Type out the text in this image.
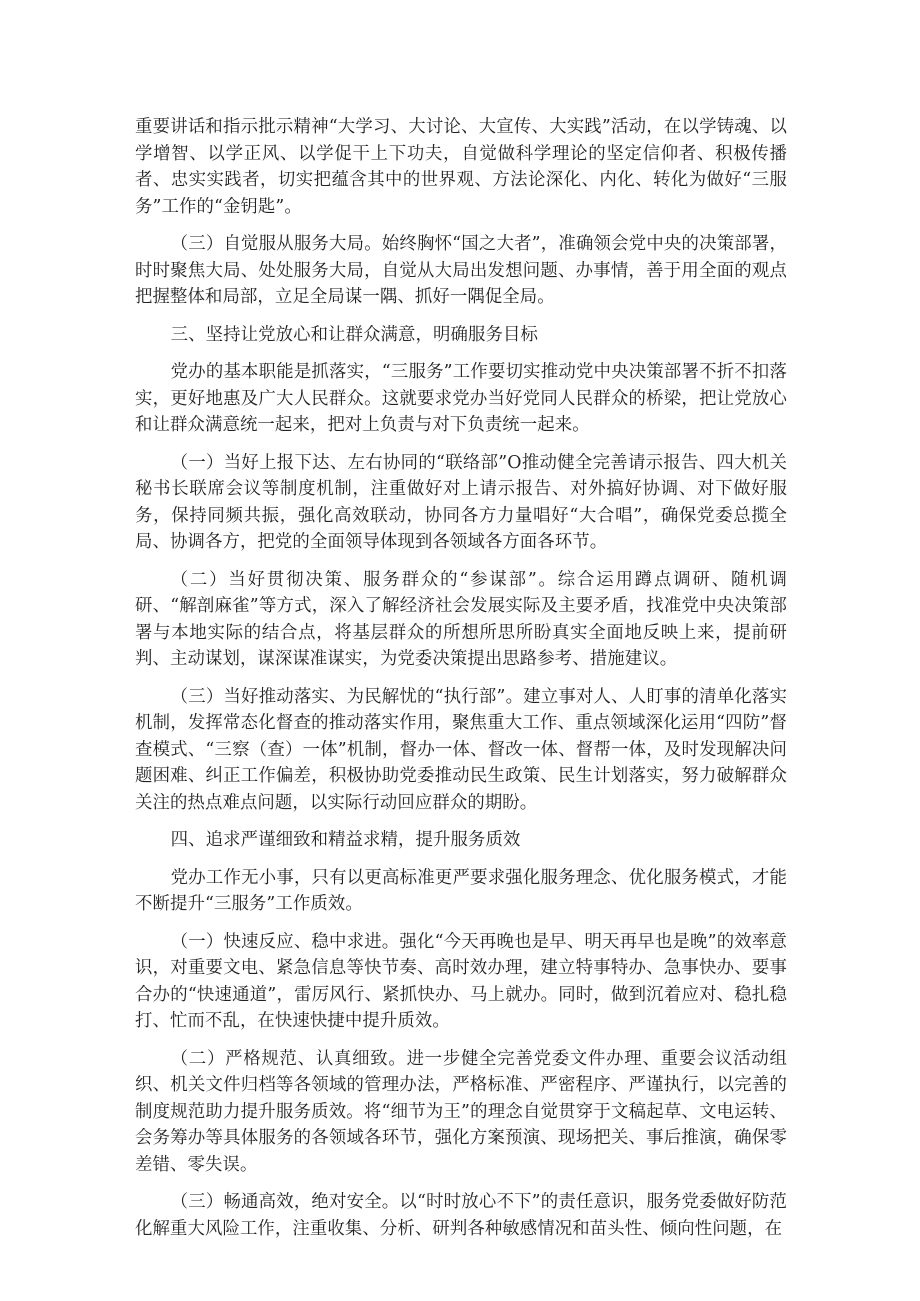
重要讲话和指示批示精神“大学习、大讨论、大宣传、大实践”活动，在以学铸魂、以学增智、以学正风、以学促干上下功夫，自觉做科学理论的坚定信仰者、积极传播者、忠实实践者，切实把蕴含其中的世界观、方法论深化、内化、转化为做好“三服务”工作的“金钥匙”。

（三）自觉服从服务大局。始终胸怀“国之大者”，准确领会党中央的决策部署，时时聚焦大局、处处服务大局，自觉从大局出发想问题、办事情，善于用全面的观点把握整体和局部，立足全局谋一隅、抓好一隅促全局。

三、坚持让党放心和让群众满意，明确服务目标

党办的基本职能是抓落实，“三服务”工作要切实推动党中央决策部署不折不扣落实，更好地惠及广大人民群众。这就要求党办当好党同人民群众的桥梁，把让党放心和让群众满意统一起来，把对上负责与对下负责统一起来。

（一）当好上报下达、左右协同的“联络部”O推动健全完善请示报告、四大机关秘书长联席会议等制度机制，注重做好对上请示报告、对外搞好协调、对下做好服务，保持同频共振，强化高效联动，协同各方力量唱好“大合唱”，确保党委总揽全局、协调各方，把党的全面领导体现到各领域各方面各环节。

（二）当好贯彻决策、服务群众的“参谋部”。综合运用蹲点调研、随机调研、“解剖麻雀”等方式，深入了解经济社会发展实际及主要矛盾，找准党中央决策部署与本地实际的结合点，将基层群众的所想所思所盼真实全面地反映上来，提前研判、主动谋划，谋深谋准谋实，为党委决策提出思路参考、措施建议。

（三）当好推动落实、为民解忧的“执行部”。建立事对人、人盯事的清单化落实机制，发挥常态化督查的推动落实作用，聚焦重大工作、重点领域深化运用“四防”督查模式、“三察（查）一体”机制，督办一体、督改一体、督帮一体，及时发现解决问题困难、纠正工作偏差，积极协助党委推动民生政策、民生计划落实，努力破解群众关注的热点难点问题，以实际行动回应群众的期盼。

四、追求严谨细致和精益求精，提升服务质效

党办工作无小事，只有以更高标准更严要求强化服务理念、优化服务模式，才能不断提升“三服务”工作质效。

（一）快速反应、稳中求进。强化“今天再晚也是早、明天再早也是晚”的效率意识，对重要文电、紧急信息等快节奏、高时效办理，建立特事特办、急事快办、要事合办的“快速通道”，雷厉风行、紧抓快办、马上就办。同时，做到沉着应对、稳扎稳打、忙而不乱，在快速快捷中提升质效。

（二）严格规范、认真细致。进一步健全完善党委文件办理、重要会议活动组织、机关文件归档等各领域的管理办法，严格标准、严密程序、严谨执行，以完善的制度规范助力提升服务质效。将“细节为王”的理念自觉贯穿于文稿起草、文电运转、会务筹办等具体服务的各领域各环节，强化方案预演、现场把关、事后推演，确保零差错、零失误。

（三）畅通高效，绝对安全。以“时时放心不下”的责任意识，服务党委做好防范化解重大风险工作，注重收集、分析、研判各种敏感情况和苗头性、倾向性问题，在
